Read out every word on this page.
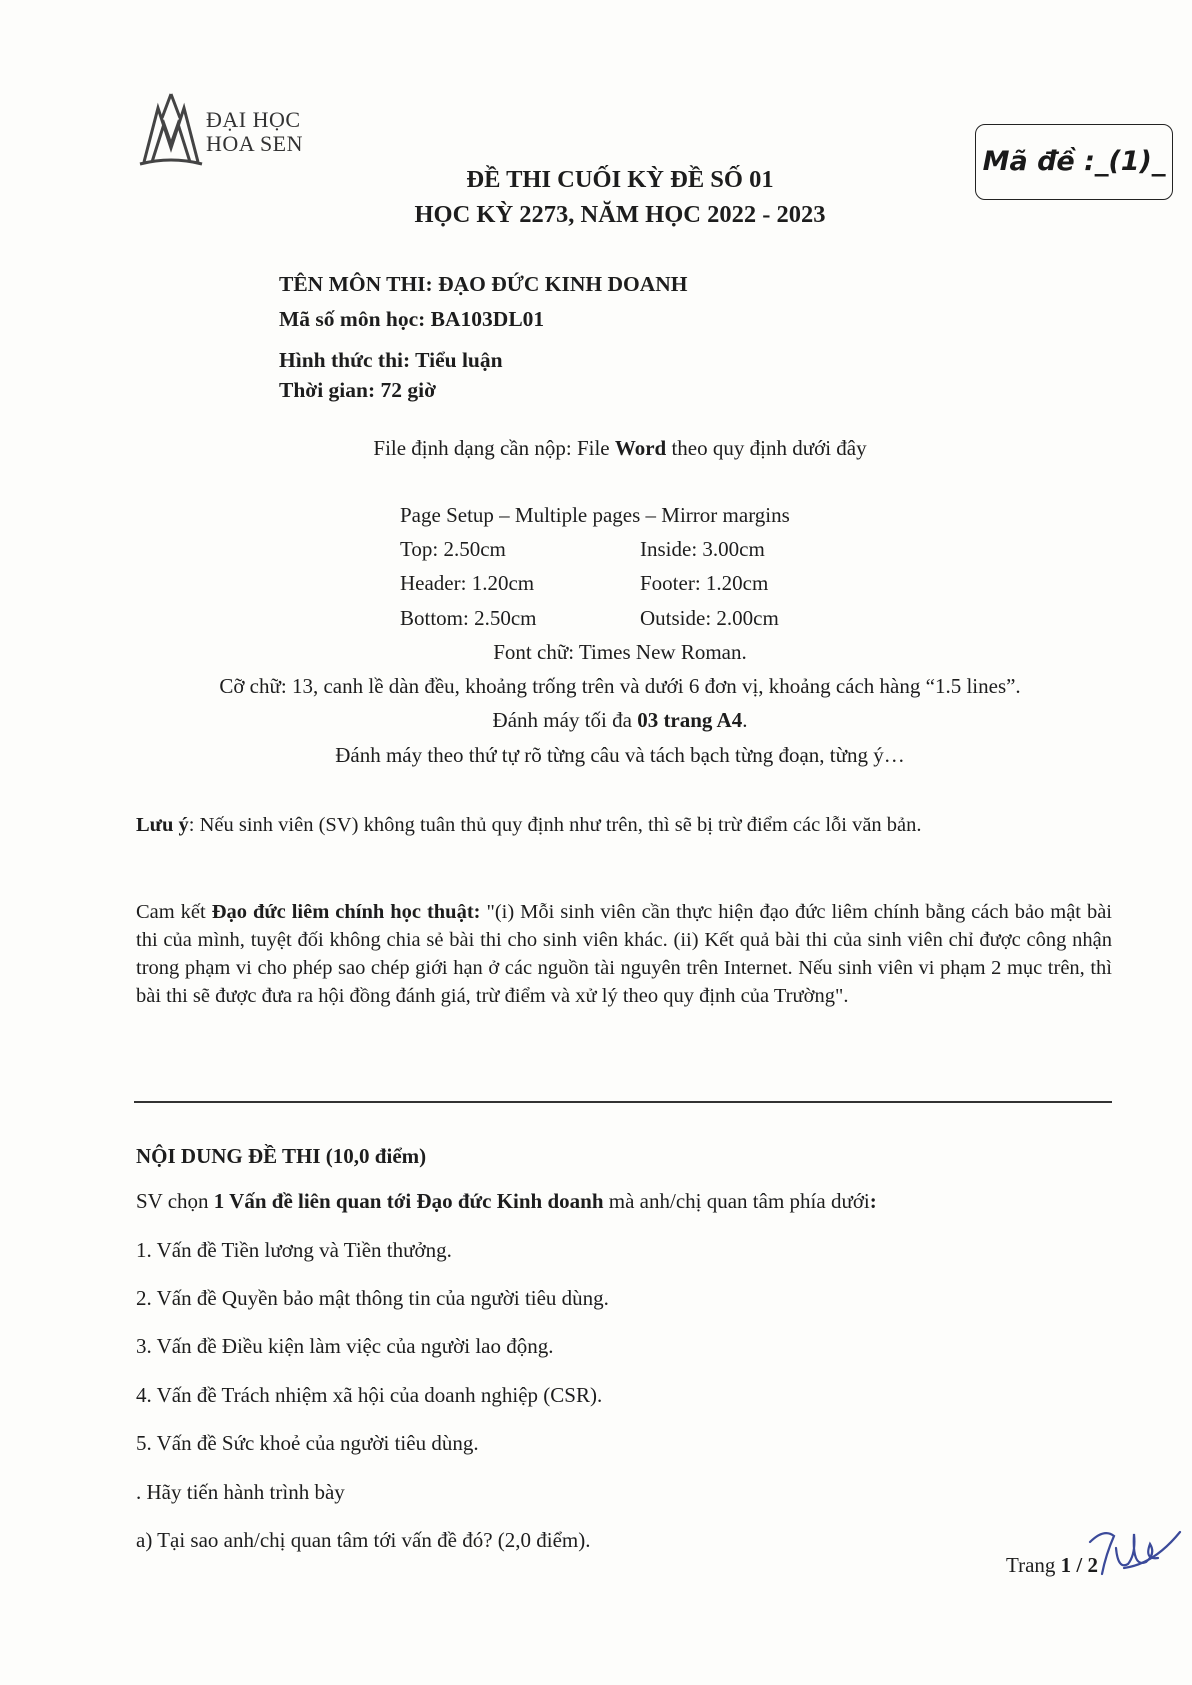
ĐẠI HỌC
HOA SEN
Mã đề :_(1)_
ĐỀ THI CUỐI KỲ ĐỀ SỐ 01
HỌC KỲ 2273, NĂM HỌC 2022 - 2023
TÊN MÔN THI: ĐẠO ĐỨC KINH DOANH
Mã số môn học: BA103DL01
Hình thức thi: Tiểu luận
Thời gian: 72 giờ
File định dạng cần nộp: File Word theo quy định dưới đây
Page Setup – Multiple pages – Mirror margins
Top: 2.50cm	Inside: 3.00cm
Header: 1.20cm	Footer: 1.20cm
Bottom: 2.50cm	Outside: 2.00cm
Font chữ: Times New Roman.
Cỡ chữ: 13, canh lề dàn đều, khoảng trống trên và dưới 6 đơn vị, khoảng cách hàng “1.5 lines”.
Đánh máy tối đa 03 trang A4.
Đánh máy theo thứ tự rõ từng câu và tách bạch từng đoạn, từng ý…
Lưu ý: Nếu sinh viên (SV) không tuân thủ quy định như trên, thì sẽ bị trừ điểm các lỗi văn bản.
Cam kết Đạo đức liêm chính học thuật: "(i) Mỗi sinh viên cần thực hiện đạo đức liêm chính bằng cách bảo mật bài thi của mình, tuyệt đối không chia sẻ bài thi cho sinh viên khác. (ii) Kết quả bài thi của sinh viên chỉ được công nhận trong phạm vi cho phép sao chép giới hạn ở các nguồn tài nguyên trên Internet. Nếu sinh viên vi phạm 2 mục trên, thì bài thi sẽ được đưa ra hội đồng đánh giá, trừ điểm và xử lý theo quy định của Trường".
NỘI DUNG ĐỀ THI (10,0 điểm)
SV chọn 1 Vấn đề liên quan tới Đạo đức Kinh doanh mà anh/chị quan tâm phía dưới:
1. Vấn đề Tiền lương và Tiền thưởng.
2. Vấn đề Quyền bảo mật thông tin của người tiêu dùng.
3. Vấn đề Điều kiện làm việc của người lao động.
4. Vấn đề Trách nhiệm xã hội của doanh nghiệp (CSR).
5. Vấn đề Sức khoẻ của người tiêu dùng.
. Hãy tiến hành trình bày
a) Tại sao anh/chị quan tâm tới vấn đề đó? (2,0 điểm).
Trang 1 / 2
